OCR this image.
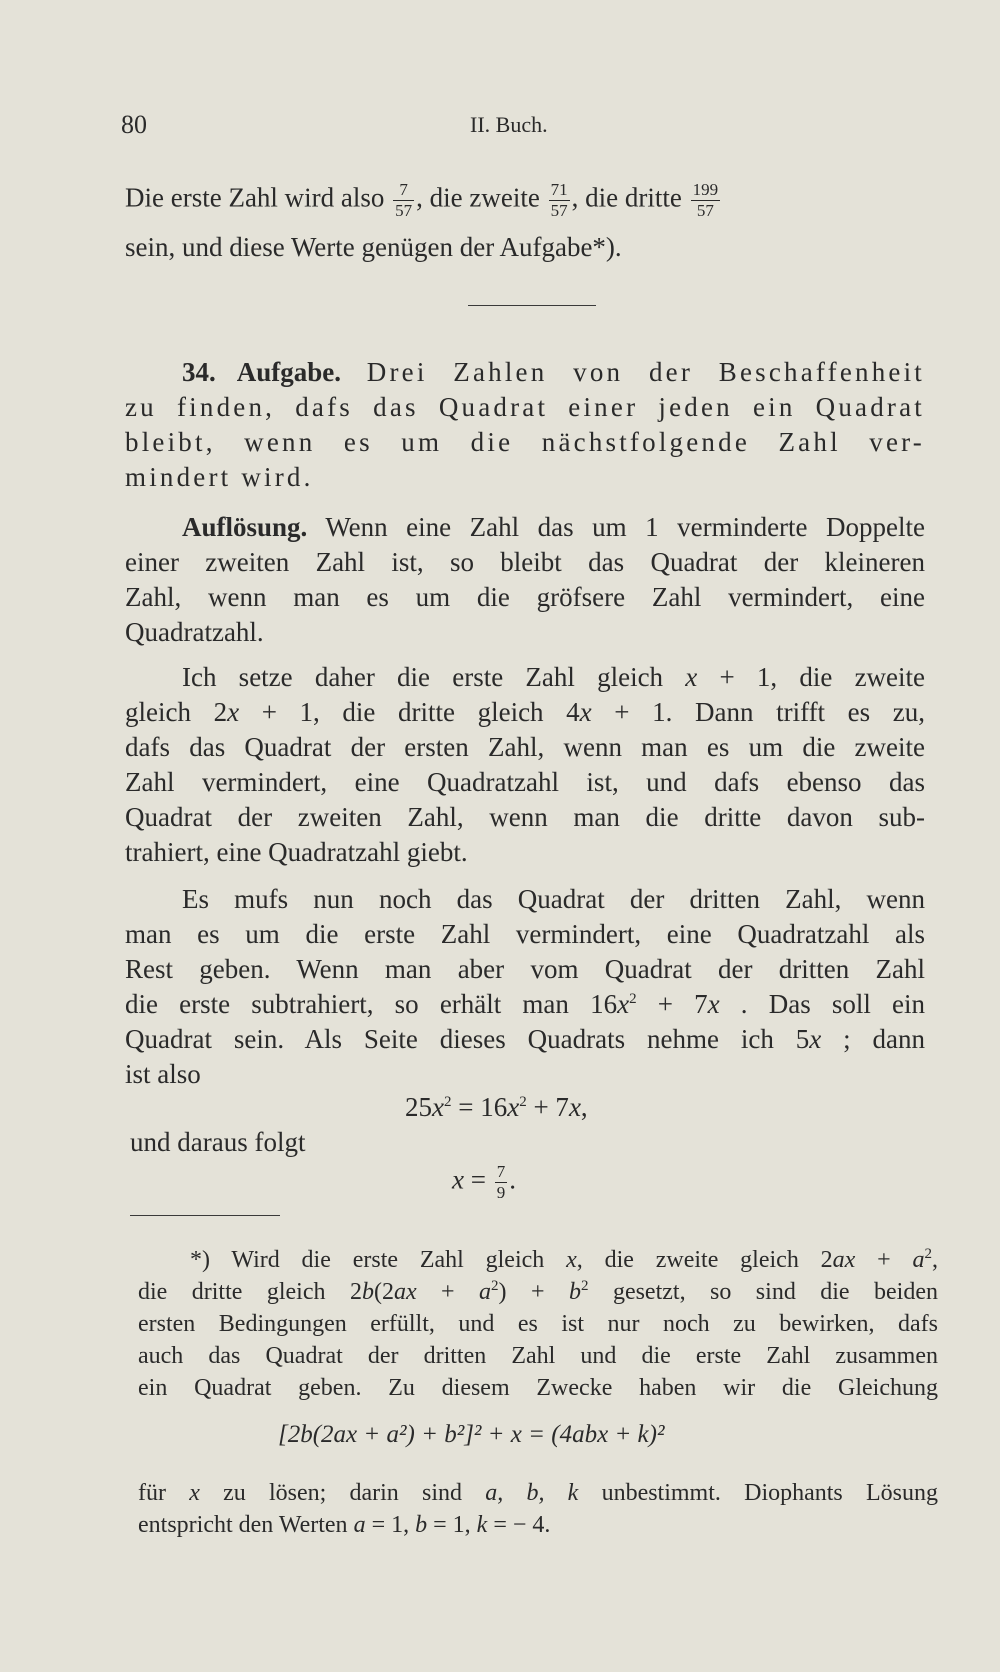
80	II. Buch.
Die erste Zahl wird also $\frac{7}{57}$ , die zweite $\frac{71}{57}$ , die dritte $\frac{199}{57}$
sein, und diese Werte genügen der Aufgabe*).
34. Aufgabe. Drei Zahlen von der Beschaffenheit
zu finden, dafs das Quadrat einer jeden ein Quadrat
bleibt, wenn es um die nächstfolgende Zahl ver-
mindert wird.
Auflösung. Wenn eine Zahl das um 1 verminderte Doppelte
einer zweiten Zahl ist, so bleibt das Quadrat der kleineren
Zahl, wenn man es um die gröfsere Zahl vermindert, eine
Quadratzahl.
Ich setze daher die erste Zahl gleich x + 1, die zweite
gleich 2x + 1, die dritte gleich 4x + 1. Dann trifft es zu,
dafs das Quadrat der ersten Zahl, wenn man es um die zweite
Zahl vermindert, eine Quadratzahl ist, und dafs ebenso das
Quadrat der zweiten Zahl, wenn man die dritte davon sub-
trahiert, eine Quadratzahl giebt.
Es mufs nun noch das Quadrat der dritten Zahl, wenn
man es um die erste Zahl vermindert, eine Quadratzahl als
Rest geben. Wenn man aber vom Quadrat der dritten Zahl
die erste subtrahiert, so erhält man $16x^2 + 7x$ . Das soll ein
Quadrat sein. Als Seite dieses Quadrats nehme ich 5x ; dann
ist also
$25x^2 = 16x^2 + 7x$,
und daraus folgt
$x = \frac{7}{9}$ .
*) Wird die erste Zahl gleich x, die zweite gleich $2ax + a^2$,
die dritte gleich $2b(2ax + a^2) + b^2$ gesetzt, so sind die beiden
ersten Bedingungen erfüllt, und es ist nur noch zu bewirken, dafs
auch das Quadrat der dritten Zahl und die erste Zahl zusammen
ein Quadrat geben. Zu diesem Zwecke haben wir die Gleichung
[2b(2ax + a²) + b²]² + x = (4abx + k)²
für x zu lösen; darin sind a, b, k unbestimmt. Diophants Lösung
entspricht den Werten a = 1, b = 1, k = − 4.
